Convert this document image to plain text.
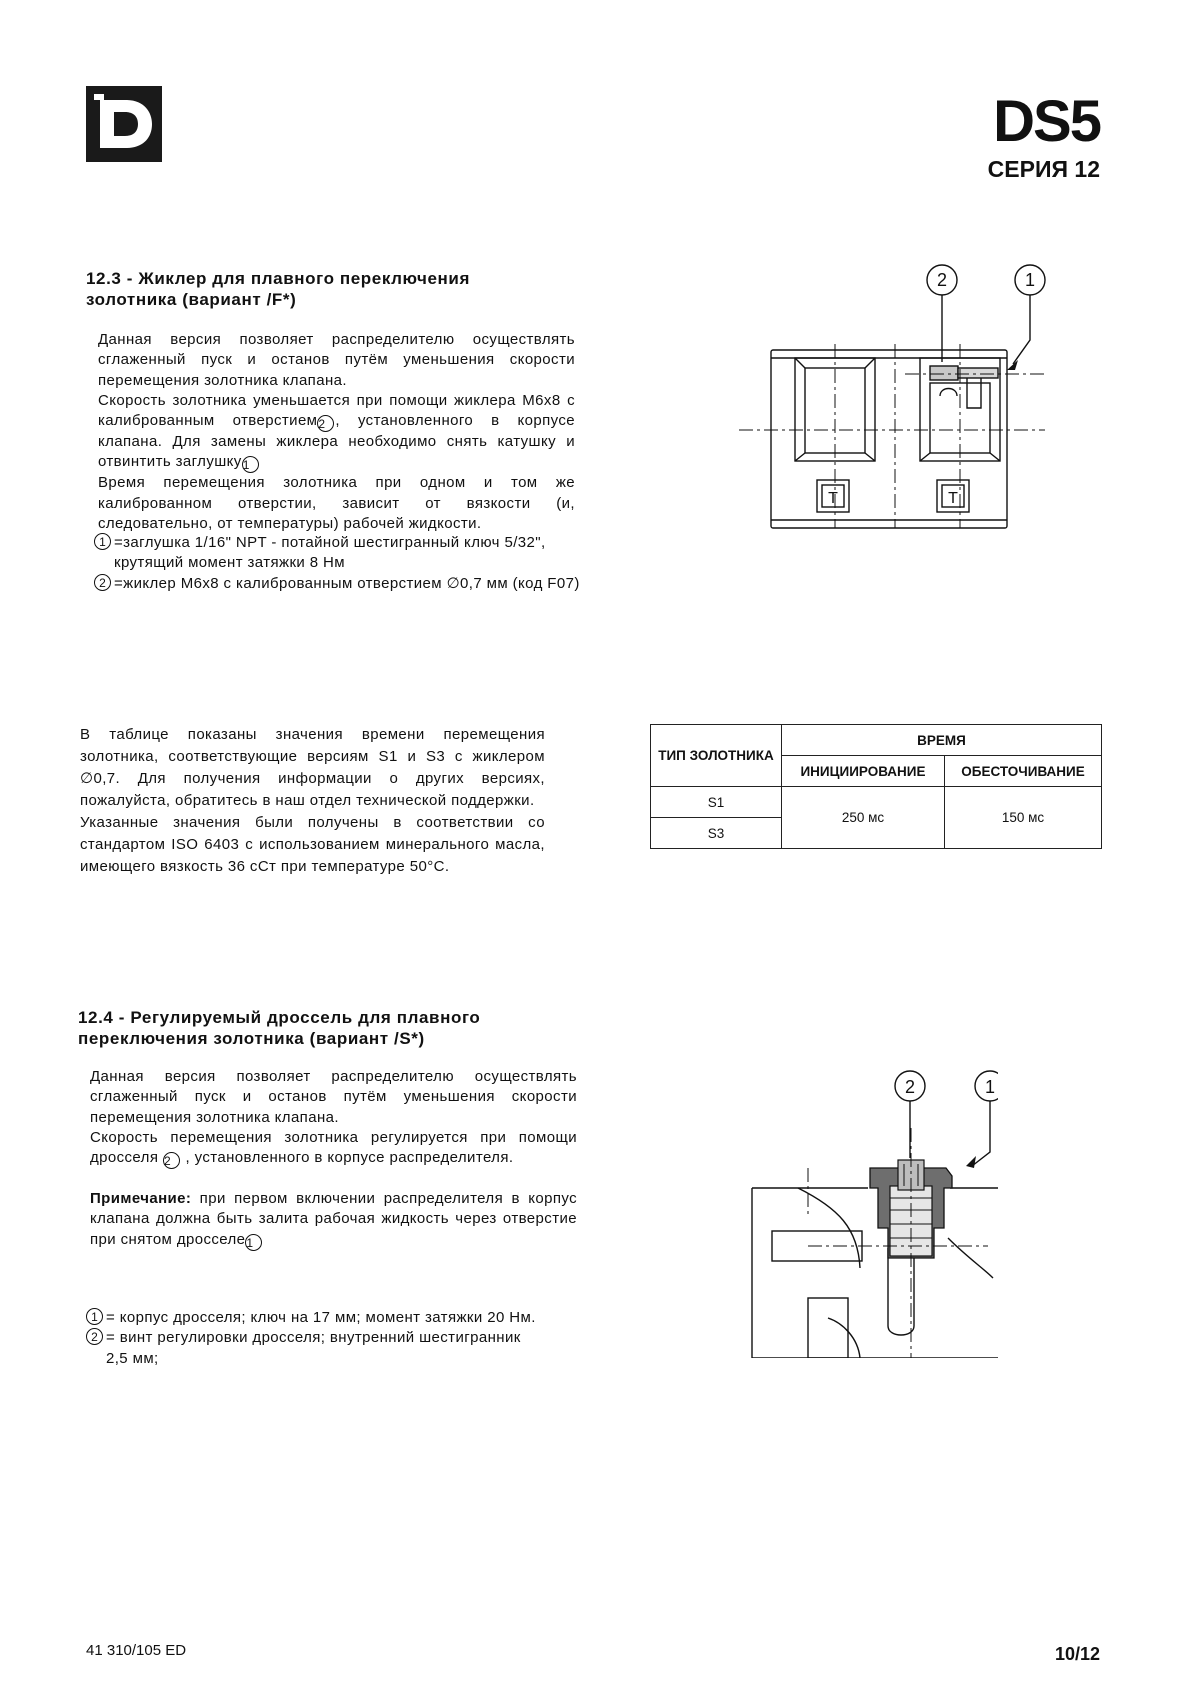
DS5
СЕРИЯ 12
12.3 - Жиклер для плавного переключения
золотника (вариант /F*)

Данная версия позволяет распределителю осуществлять сглаженный пуск и останов путём уменьшения скорости перемещения золотника клапана.

Скорость золотника уменьшается при помощи жиклера М6х8 с калиброванным отверстием2 , установленного в корпусе клапана. Для замены жиклера необходимо снять катушку и отвинтить заглушку1

Время перемещения золотника при одном и том же калиброванном отверстии, зависит от вязкости (и, следовательно, от температуры) рабочей жидкости.

1 =заглушка 1/16" NPT - потайной шестигранный ключ 5/32", крутящий момент затяжки 8 Нм
2 =жиклер М6х8 с калиброванным отверстием ∅0,7 мм (код F07)
T	T
2	1

В таблице показаны значения времени перемещения золотника, соответствующие версиям S1 и S3 с жиклером ∅0,7. Для получения информации о других версиях, пожалуйста, обратитесь в наш отдел технической поддержки.

Указанные значения были получены в соответствии со стандартом ISO 6403 с использованием минерального масла, имеющего вязкость 36 сСт при температуре 50°C.

ТИП ЗОЛОТНИКА	ВРЕМЯ	
	ИНИЦИИРОВАНИЕ	ОБЕСТОЧИВАНИЕ
S1	250 мс	150 мс
S3		
12.4 - Регулируемый дроссель для плавного
переключения золотника (вариант /S*)

Данная версия позволяет распределителю осуществлять сглаженный пуск и останов путём уменьшения скорости перемещения золотника клапана.

Скорость перемещения золотника регулируется при помощи дросселя 2 , установленного в корпусе распределителя.

Примечание: при первом включении распределителя в корпус клапана должна быть залита рабочая жидкость через отверстие при снятом дросселе1

1 = корпус дросселя; ключ на 17 мм; момент затяжки 20 Нм.
2 = винт регулировки дросселя; внутренний шестигранник 2,5 мм;
2	1
41 310/105 ED	10/12
